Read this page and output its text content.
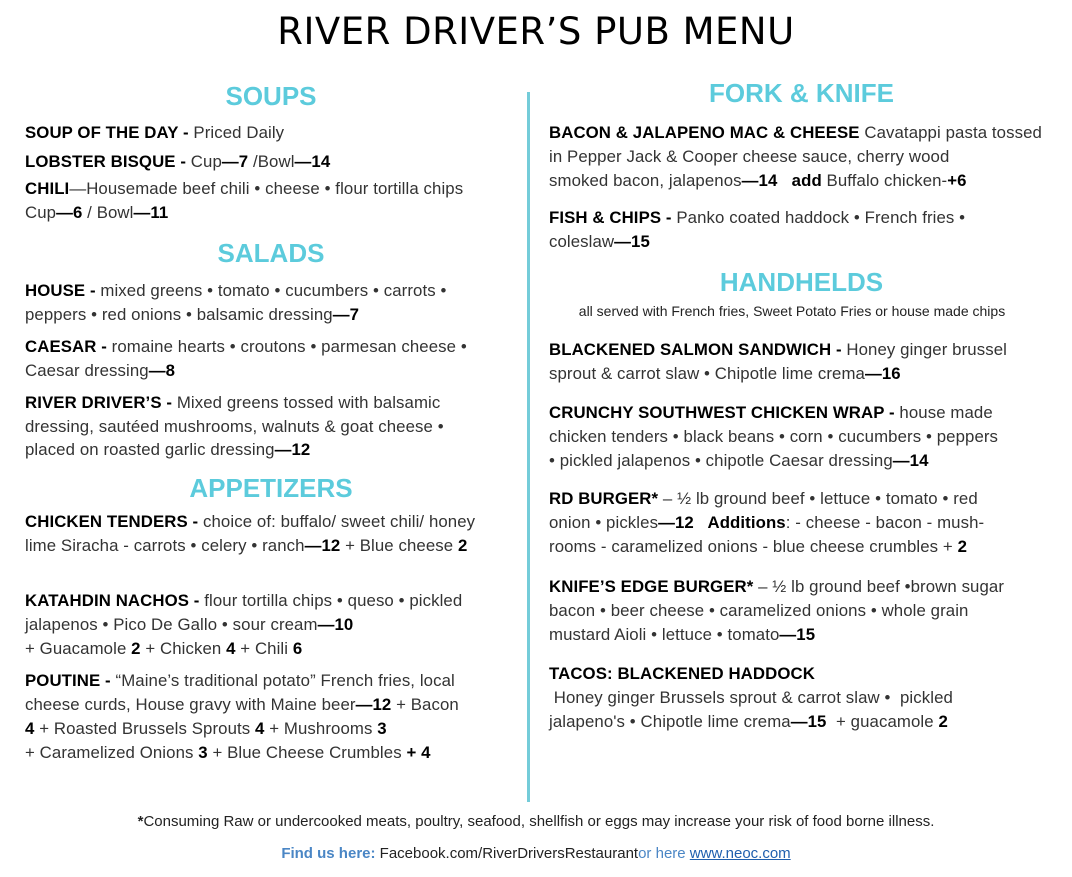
RIVER DRIVER’S PUB MENU
SOUPS
SOUP OF THE DAY - Priced Daily
LOBSTER BISQUE - Cup—7 /Bowl—14
CHILI—Housemade beef chili • cheese • flour tortilla chips
Cup—6 / Bowl—11
SALADS
HOUSE - mixed greens • tomato • cucumbers • carrots •
peppers • red onions • balsamic dressing—7
CAESAR - romaine hearts • croutons • parmesan cheese •
Caesar dressing—8
RIVER DRIVER’S - Mixed greens tossed with balsamic
dressing, sautéed mushrooms, walnuts & goat cheese •
placed on roasted garlic dressing—12
APPETIZERS
CHICKEN TENDERS - choice of: buffalo/ sweet chili/ honey
lime Siracha - carrots • celery • ranch—12 + Blue cheese 2
KATAHDIN NACHOS - flour tortilla chips • queso • pickled
jalapenos • Pico De Gallo • sour cream—10
+ Guacamole 2 + Chicken 4 + Chili 6
POUTINE - “Maine’s traditional potato” French fries, local
cheese curds, House gravy with Maine beer—12 + Bacon
4 + Roasted Brussels Sprouts 4 + Mushrooms 3
+ Caramelized Onions 3 + Blue Cheese Crumbles + 4
FORK & KNIFE
BACON & JALAPENO MAC & CHEESE Cavatappi pasta tossed
in Pepper Jack & Cooper cheese sauce, cherry wood
smoked bacon, jalapenos—14   add Buffalo chicken-+6
FISH & CHIPS - Panko coated haddock • French fries •
coleslaw—15
HANDHELDS
all served with French fries, Sweet Potato Fries or house made chips
BLACKENED SALMON SANDWICH - Honey ginger brussel
sprout & carrot slaw • Chipotle lime crema—16
CRUNCHY SOUTHWEST CHICKEN WRAP - house made
chicken tenders • black beans • corn • cucumbers • peppers
• pickled jalapenos • chipotle Caesar dressing—14
RD BURGER* – ½ lb ground beef • lettuce • tomato • red
onion • pickles—12   Additions: - cheese - bacon - mush-
rooms - caramelized onions - blue cheese crumbles + 2
KNIFE’S EDGE BURGER* – ½ lb ground beef •brown sugar
bacon • beer cheese • caramelized onions • whole grain
mustard Aioli • lettuce • tomato—15
TACOS: BLACKENED HADDOCK
Honey ginger Brussels sprout & carrot slaw •  pickled
jalapeno's • Chipotle lime crema—15  + guacamole 2
*Consuming Raw or undercooked meats, poultry, seafood, shellfish or eggs may increase your risk of food borne illness.
Find us here: Facebook.com/RiverDriversRestaurantor here www.neoc.com
